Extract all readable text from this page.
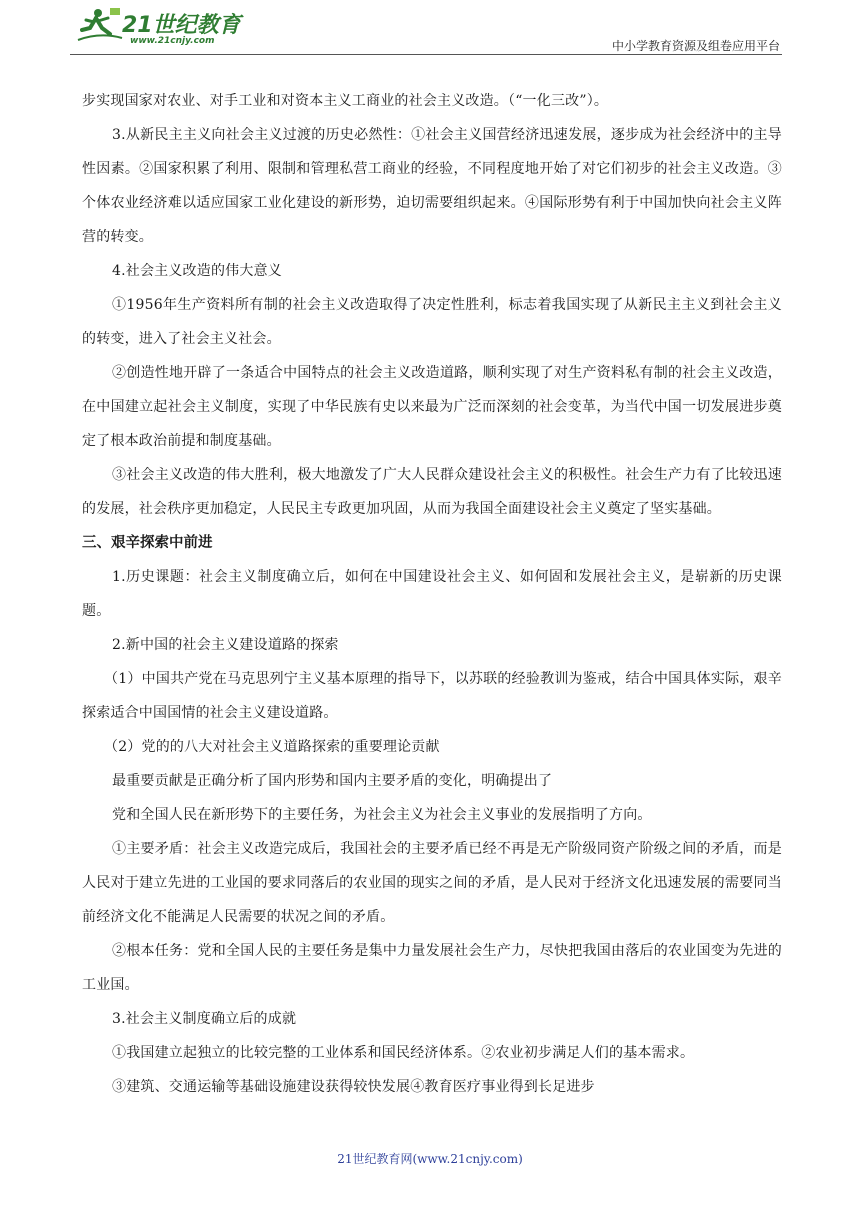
21世纪教育
www.21cnjy.com	中小学教育资源及组卷应用平台

步实现国家对农业、对手工业和对资本主义工商业的社会主义改造。（“一化三改”）。

3.从新民主主义向社会主义过渡的历史必然性：①社会主义国营经济迅速发展，逐步成为社会经济中的主导性因素。②国家积累了利用、限制和管理私营工商业的经验，不同程度地开始了对它们初步的社会主义改造。③个体农业经济难以适应国家工业化建设的新形势，迫切需要组织起来。④国际形势有利于中国加快向社会主义阵营的转变。

4.社会主义改造的伟大意义

①1956年生产资料所有制的社会主义改造取得了决定性胜利，标志着我国实现了从新民主主义到社会主义的转变，进入了社会主义社会。

②创造性地开辟了一条适合中国特点的社会主义改造道路，顺利实现了对生产资料私有制的社会主义改造，在中国建立起社会主义制度，实现了中华民族有史以来最为广泛而深刻的社会变革，为当代中国一切发展进步奠定了根本政治前提和制度基础。

③社会主义改造的伟大胜利，极大地激发了广大人民群众建设社会主义的积极性。社会生产力有了比较迅速的发展，社会秩序更加稳定，人民民主专政更加巩固，从而为我国全面建设社会主义奠定了坚实基础。

三、艰辛探索中前进

1.历史课题：社会主义制度确立后，如何在中国建设社会主义、如何固和发展社会主义，是崭新的历史课题。

2.新中国的社会主义建设道路的探索

（1）中国共产党在马克思列宁主义基本原理的指导下，以苏联的经验教训为鉴戒，结合中国具体实际，艰辛探索适合中国国情的社会主义建设道路。

（2）党的的八大对社会主义道路探索的重要理论贡献

最重要贡献是正确分析了国内形势和国内主要矛盾的变化，明确提出了

党和全国人民在新形势下的主要任务，为社会主义为社会主义事业的发展指明了方向。

①主要矛盾：社会主义改造完成后，我国社会的主要矛盾已经不再是无产阶级同资产阶级之间的矛盾，而是人民对于建立先进的工业国的要求同落后的农业国的现实之间的矛盾，是人民对于经济文化迅速发展的需要同当前经济文化不能满足人民需要的状况之间的矛盾。

②根本任务：党和全国人民的主要任务是集中力量发展社会生产力，尽快把我国由落后的农业国变为先进的工业国。

3.社会主义制度确立后的成就

①我国建立起独立的比较完整的工业体系和国民经济体系。②农业初步满足人们的基本需求。

③建筑、交通运输等基础设施建设获得较快发展④教育医疗事业得到长足进步

21世纪教育网(www.21cnjy.com)
